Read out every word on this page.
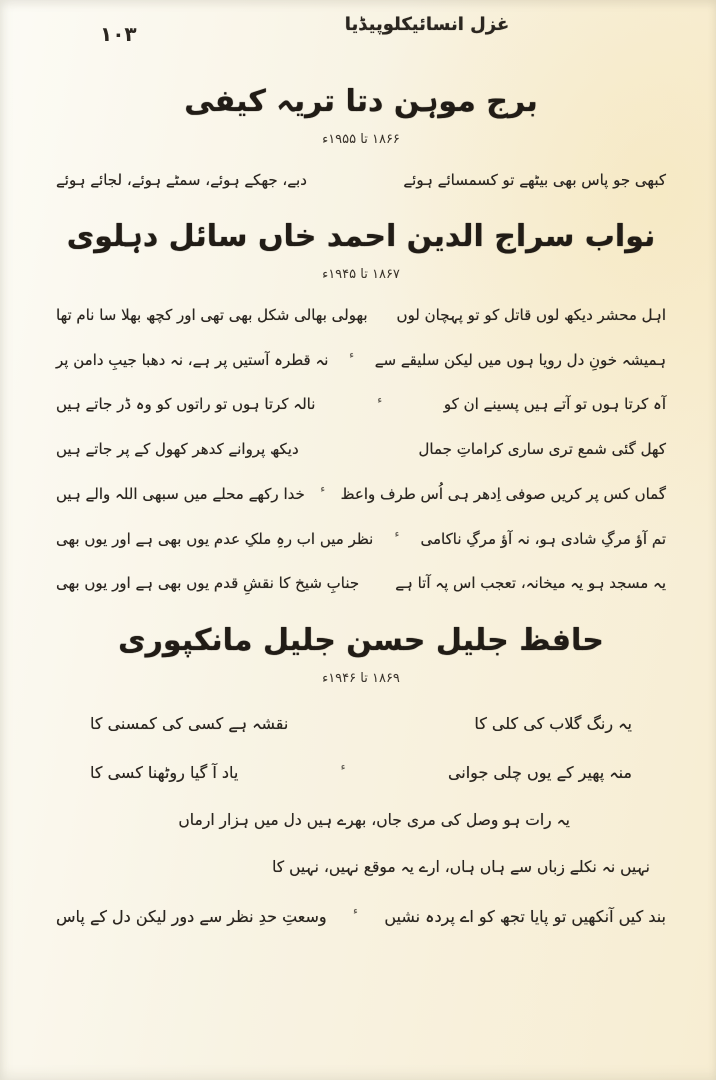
۱۰۳	غزل انسائیکلوپیڈیا
برج موہن دتا تریہ کیفی
۱۸۶۶ تا ۱۹۵۵ء
کبھی جو پاس بھی بیٹھے تو کسمسائے ہوئے
دبے، جھکے ہوئے، سمٹے ہوئے، لجائے ہوئے
نواب سراج الدین احمد خاں سائل دہلوی
۱۸۶۷ تا ۱۹۴۵ء
اہل محشر دیکھ لوں قاتل کو تو پہچان لوں
بھولی بھالی شکل بھی تھی اور کچھ بھلا سا نام تھا
ہمیشہ خونِ دل رویا ہوں میں لیکن سلیقے سے
ء
نہ قطرہ آستیں پر ہے، نہ دھبا جیبِ دامن پر
آہ کرتا ہوں تو آتے ہیں پسینے ان کو
ء
نالہ کرتا ہوں تو راتوں کو وہ ڈر جاتے ہیں
کھل گئی شمع تری ساری کراماتِ جمال
دیکھ پروانے کدھر کھول کے پر جاتے ہیں
گماں کس پر کریں صوفی اِدھر ہی اُس طرف واعظ
ء
خدا رکھے محلے میں سبھی اللہ والے ہیں
تم آؤ مرگِ شادی ہو، نہ آؤ مرگِ ناکامی
ء
نظر میں اب رہِ ملکِ عدم یوں بھی ہے اور یوں بھی
یہ مسجد ہو یہ میخانہ، تعجب اس پہ آتا ہے
جنابِ شیخ کا نقشِ قدم یوں بھی ہے اور یوں بھی
حافظ جلیل حسن جلیل مانکپوری
۱۸۶۹ تا ۱۹۴۶ء
یہ رنگ گلاب کی کلی کا
نقشہ ہے کسی کی کمسنی کا
منہ پھیر کے یوں چلی جوانی
ء
یاد آ گیا روٹھنا کسی کا
یہ رات ہو وصل کی مری جاں، بھرے ہیں دل میں ہزار ارماں
نہیں نہ نکلے زباں سے ہاں ہاں، ارے یہ موقع نہیں، نہیں کا
بند کیں آنکھیں تو پایا تجھ کو اے پردہ نشیں
ء
وسعتِ حدِ نظر سے دور لیکن دل کے پاس
